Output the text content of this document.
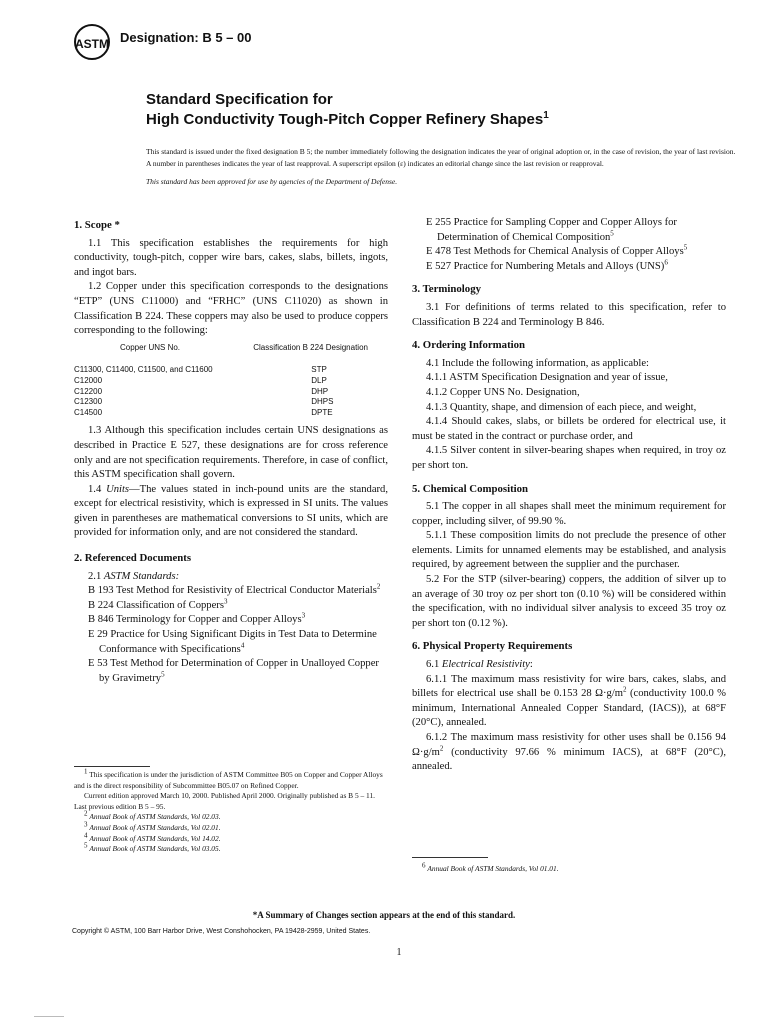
ASTM Designation: B 5 – 00
Standard Specification for
High Conductivity Tough-Pitch Copper Refinery Shapes$^1$

This standard is issued under the fixed designation B 5; the number immediately following the designation indicates the year of original adoption or, in the case of revision, the year of last revision. A number in parentheses indicates the year of last reapproval. A superscript epsilon (ε) indicates an editorial change since the last revision or reapproval.

This standard has been approved for use by agencies of the Department of Defense.

1. Scope *

1.1 This specification establishes the requirements for high conductivity, tough-pitch, copper wire bars, cakes, slabs, billets, ingots, and ingot bars.

1.2 Copper under this specification corresponds to the designations “ETP” (UNS C11000) and “FRHC” (UNS C11020) as shown in Classification B 224. These coppers may also be used to produce coppers corresponding to the following:

Copper UNS No.	Classification B 224 Designation
C11300, C11400, C11500, and C11600	STP
C12000	DLP
C12200	DHP
C12300	DHPS
C14500	DPTE

1.3 Although this specification includes certain UNS designations as described in Practice E 527, these designations are for cross reference only and are not specification requirements. Therefore, in case of conflict, this ASTM specification shall govern.

1.4 Units—The values stated in inch-pound units are the standard, except for electrical resistivity, which is expressed in SI units. The values given in parentheses are mathematical conversions to SI units, which are provided for information only, and are not considered the standard.

2. Referenced Documents

2.1 ASTM Standards:

B 193 Test Method for Resistivity of Electrical Conductor Materials$^2$
B 224 Classification of Coppers$^3$
B 846 Terminology for Copper and Copper Alloys$^3$
E 29 Practice for Using Significant Digits in Test Data to Determine Conformance with Specifications$^4$
E 53 Test Method for Determination of Copper in Unalloyed Copper by Gravimetry$^5$

$^1$ This specification is under the jurisdiction of ASTM Committee B05 on Copper and Copper Alloys and is the direct responsibility of Subcommittee B05.07 on Refined Copper.

Current edition approved March 10, 2000. Published April 2000. Originally published as B 5 – 11. Last previous edition B 5 – 95.

$^2$ Annual Book of ASTM Standards, Vol 02.03.

$^3$ Annual Book of ASTM Standards, Vol 02.01.

$^4$ Annual Book of ASTM Standards, Vol 14.02.

$^5$ Annual Book of ASTM Standards, Vol 03.05.

E 255 Practice for Sampling Copper and Copper Alloys for Determination of Chemical Composition$^5$
E 478 Test Methods for Chemical Analysis of Copper Alloys$^5$
E 527 Practice for Numbering Metals and Alloys (UNS)$^6$
3. Terminology

3.1 For definitions of terms related to this specification, refer to Classification B 224 and Terminology B 846.

4. Ordering Information

4.1 Include the following information, as applicable:

4.1.1 ASTM Specification Designation and year of issue,

4.1.2 Copper UNS No. Designation,

4.1.3 Quantity, shape, and dimension of each piece, and weight,

4.1.4 Should cakes, slabs, or billets be ordered for electrical use, it must be stated in the contract or purchase order, and

4.1.5 Silver content in silver-bearing shapes when required, in troy oz per short ton.

5. Chemical Composition

5.1 The copper in all shapes shall meet the minimum requirement for copper, including silver, of 99.90 %.

5.1.1 These composition limits do not preclude the presence of other elements. Limits for unnamed elements may be established, and analysis required, by agreement between the supplier and the purchaser.

5.2 For the STP (silver-bearing) coppers, the addition of silver up to an average of 30 troy oz per short ton (0.10 %) will be considered within the specification, with no individual silver analysis to exceed 35 troy oz per short ton (0.12 %).

6. Physical Property Requirements

6.1 Electrical Resistivity:

6.1.1 The maximum mass resistivity for wire bars, cakes, slabs, and billets for electrical use shall be 0.153 28 $\Omega\cdot g/m^2$ (conductivity 100.0 % minimum, International Annealed Copper Standard, (IACS)), at 68°F (20°C), annealed.

6.1.2 The maximum mass resistivity for other uses shall be 0.156 94 $\Omega\cdot g/m^2$ (conductivity 97.66 % minimum IACS), at 68°F (20°C), annealed.

$^6$ Annual Book of ASTM Standards, Vol 01.01.

*A Summary of Changes section appears at the end of this standard.
Copyright © ASTM, 100 Barr Harbor Drive, West Conshohocken, PA 19428-2959, United States.
1
